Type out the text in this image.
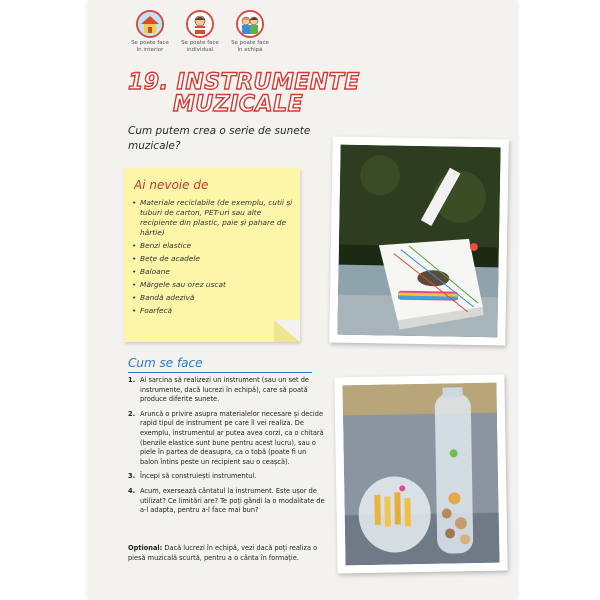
Se poate face în interior
Se poate face individual
Se poate face în echipă
19. INSTRUMENTE
MUZICALE
Cum putem crea o serie de sunete muzicale?
Ai nevoie de
• Materiale reciclabile (de exemplu, cutii și tuburi de carton, PET-uri sau alte recipiente din plastic, paie și pahare de hârtie)
• Benzi elastice
• Bețe de acadele
• Baloane
• Mărgele sau orez uscat
• Bandă adezivă
• Foarfecă
Cum se face
1. Ai sarcina să realizezi un instrument (sau un set de instrumente, dacă lucrezi în echipă), care să poată produce diferite sunete.
2. Aruncă o privire asupra materialelor necesare și decide rapid tipul de instrument pe care îl vei realiza. De exemplu, instrumentul ar putea avea corzi, ca o chitară (benzile elastice sunt bune pentru acest lucru), sau o piele în partea de deasupra, ca o tobă (poate fi un balon întins peste un recipient sau o ceașcă).
3. Începi să construiești instrumentul.
4. Acum, exersează cântatul la instrument. Este ușor de utilizat? Ce limitări are? Te poți gândi la o modalitate de a-l adapta, pentru a-l face mai bun?
Optional: Dacă lucrezi în echipă, vezi dacă poți realiza o piesă muzicală scurtă, pentru a o cânta în formație.
